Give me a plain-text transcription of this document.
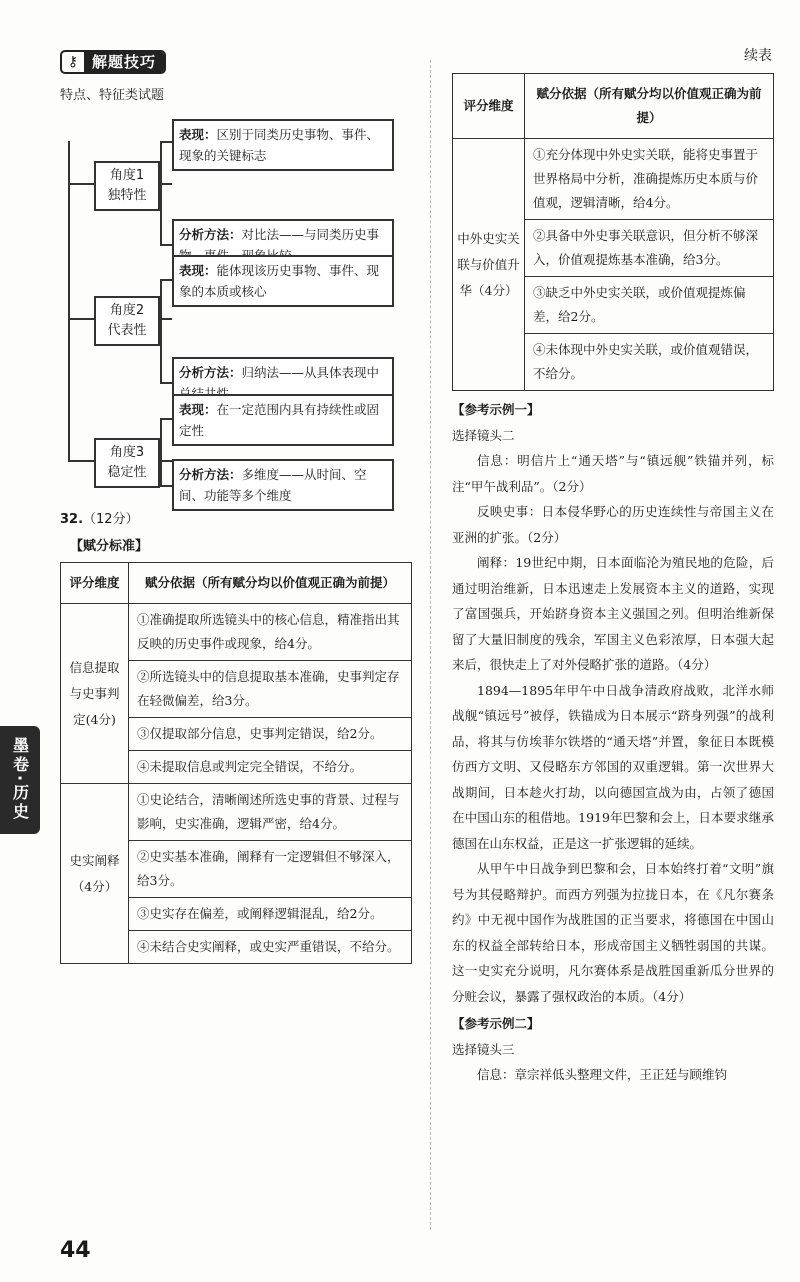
墨卷·历史
⚷ 解题技巧
特点、特征类试题
角度1
独特性
表现：区别于同类历史事物、事件、现象的关键标志
分析方法：对比法——与同类历史事
角度2
代表性
表现：能体现该历史事物、事件、现象的本质或核心
分析方法：归纳法——从具体表现中
角度3
稳定性
表现：在一定范围内具有持续性或固定性
分析方法：多维度——从时间、空间、功能等多个维度
32.（12分）
【赋分标准】
评分维度	赋分依据（所有赋分均以价值观正确为前提）
信息提取与史事判定(4分)	①准确提取所选镜头中的核心信息，精准指出其反映的历史事件或现象，给4分。
	②所选镜头中的信息提取基本准确，史事判定存在轻微偏差，给3分。
	③仅提取部分信息，史事判定错误，给2分。
	④未提取信息或判定完全错误，不给分。
史实阐释（4分）	①史论结合，清晰阐述所选史事的背景、过程与影响，史实准确，逻辑严密，给4分。
	②史实基本准确，阐释有一定逻辑但不够深入，给3分。
	③史实存在偏差，或阐释逻辑混乱，给2分。
	④未结合史实阐释，或史实严重错误，不给分。
续表
评分维度	赋分依据（所有赋分均以价值观正确为前提）
中外史实关联与价值升华（4分）	①充分体现中外史实关联，能将史事置于世界格局中分析，准确提炼历史本质与价值观，逻辑清晰，给4分。
	②具备中外史事关联意识，但分析不够深入，价值观提炼基本准确，给3分。
	③缺乏中外史实关联，或价值观提炼偏差，给2分。
	④未体现中外史实关联，或价值观错误，不给分。
【参考示例一】
选择镜头二
信息：明信片上“通天塔”与“镇远舰”铁锚并列，标注“甲午战利品”。（2分）
反映史事：日本侵华野心的历史连续性与帝国主义在亚洲的扩张。（2分）
阐释：19世纪中期，日本面临沦为殖民地的危险，后通过明治维新，日本迅速走上发展资本主义的道路，实现了富国强兵，开始跻身资本主义强国之列。但明治维新保留了大量旧制度的残余，军国主义色彩浓厚，日本强大起来后，很快走上了对外侵略扩张的道路。（4分）
1894—1895年甲午中日战争清政府战败，北洋水师战舰“镇远号”被俘，铁锚成为日本展示“跻身列强”的战利品，将其与仿埃菲尔铁塔的“通天塔”并置，象征日本既模仿西方文明、又侵略东方邻国的双重逻辑。第一次世界大战期间，日本趁火打劫，以向德国宣战为由，占领了德国在中国山东的租借地。1919年巴黎和会上，日本要求继承德国在山东权益，正是这一扩张逻辑的延续。
从甲午中日战争到巴黎和会，日本始终打着“文明”旗号为其侵略辩护。而西方列强为拉拢日本，在《凡尔赛条约》中无视中国作为战胜国的正当要求，将德国在中国山东的权益全部转给日本，形成帝国主义牺牲弱国的共谋。这一史实充分说明，凡尔赛体系是战胜国重新瓜分世界的分赃会议，暴露了强权政治的本质。（4分）
【参考示例二】
选择镜头三
信息：章宗祥低头整理文件，王正廷与顾维钧
44
